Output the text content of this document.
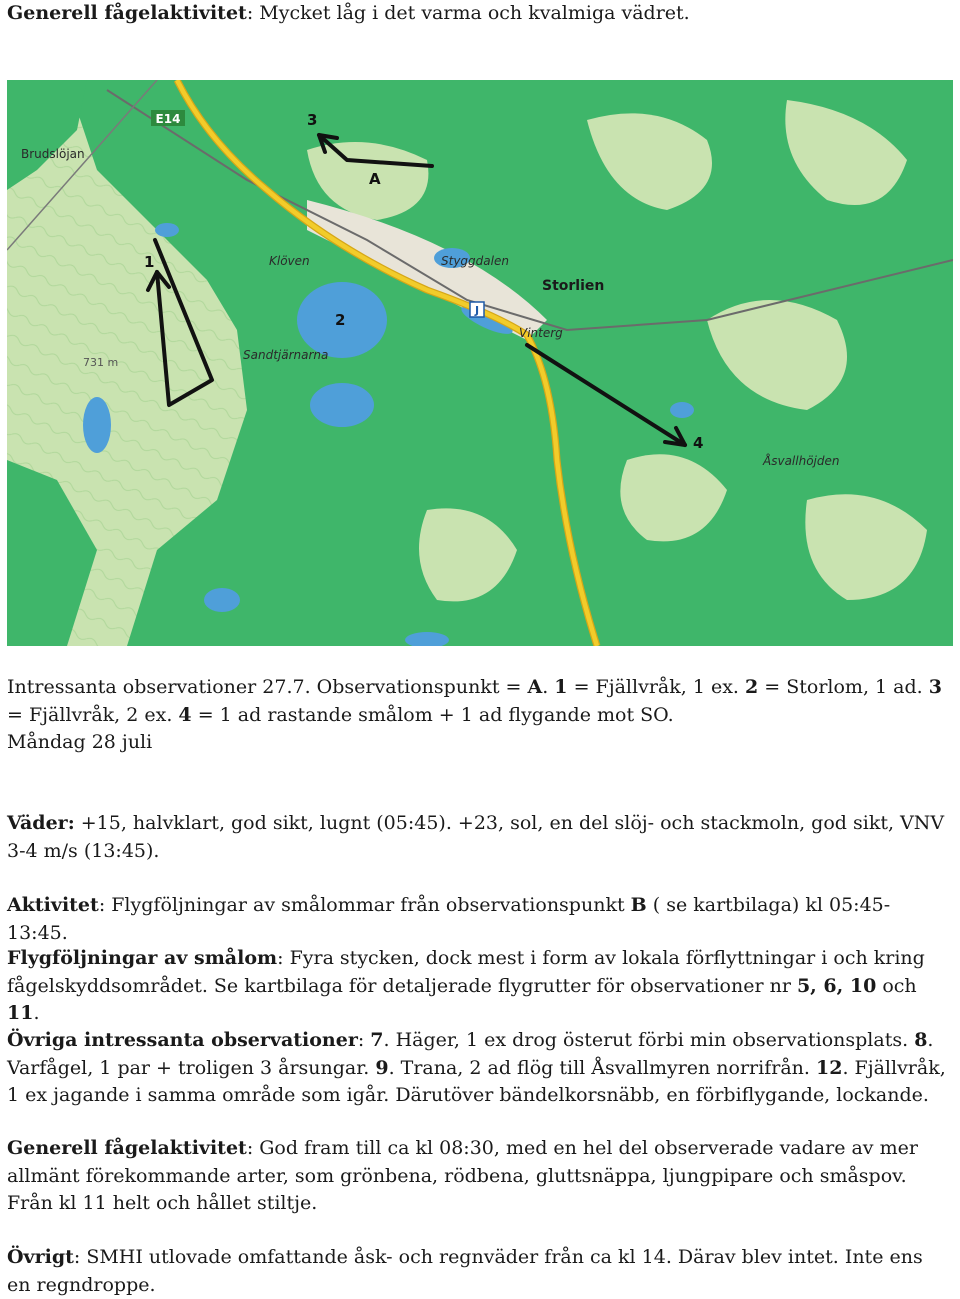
Generell fågelaktivitet: Mycket låg i det varma och kvalmiga vädret.

E14
J
Brudslöjan
Klöven	Styggdalen
Storlien
Vinterg
Sandtjärnarna
731 m
Åsvallhöjden
3
A
1
2
4

Intressanta observationer 27.7. Observationspunkt = A. 1 = Fjällvråk, 1 ex. 2 = Storlom, 1 ad. 3 = Fjällvråk, 2 ex. 4 = 1 ad rastande smålom + 1 ad flygande mot SO.

Måndag 28 juli

Väder: +15, halvklart, god sikt, lugnt (05:45). +23, sol, en del slöj- och stackmoln, god sikt, VNV 3-4 m/s (13:45).

Aktivitet: Flygföljningar av smålommar från observationspunkt B ( se kartbilaga) kl 05:45-13:45.

Flygföljningar av smålom: Fyra stycken, dock mest i form av lokala förflyttningar i och kring fågelskyddsområdet. Se kartbilaga för detaljerade flygrutter för observationer nr 5, 6, 10 och 11.

Övriga intressanta observationer: 7. Häger, 1 ex drog österut förbi min observationsplats. 8. Varfågel, 1 par + troligen 3 årsungar. 9. Trana, 2 ad flög till Åsvallmyren norrifrån. 12. Fjällvråk, 1 ex jagande i samma område som igår. Därutöver bändelkorsnäbb, en förbiflygande, lockande.

Generell fågelaktivitet: God fram till ca kl 08:30, med en hel del observerade vadare av mer allmänt förekommande arter, som grönbena, rödbena, gluttsnäppa, ljungpipare och småspov. Från kl 11 helt och hållet stiltje.

Övrigt: SMHI utlovade omfattande åsk- och regnväder från ca kl 14. Därav blev intet. Inte ens en regndroppe.
